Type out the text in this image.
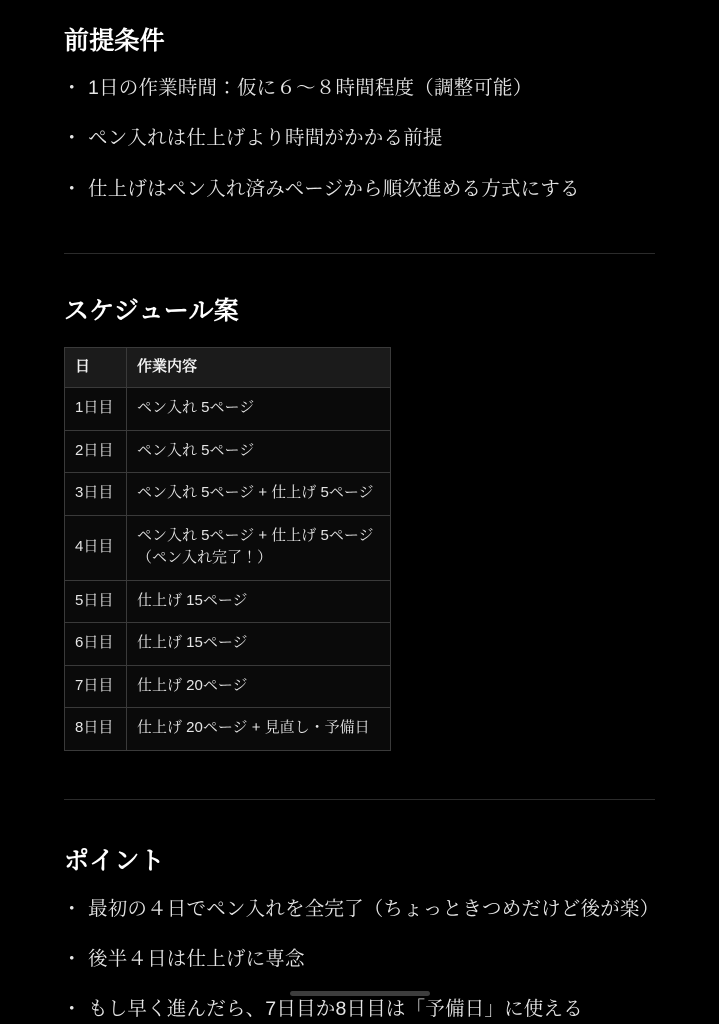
前提条件
・ 1日の作業時間：仮に６〜８時間程度（調整可能）
・ ペン入れは仕上げより時間がかかる前提
・ 仕上げはペン入れ済みページから順次進める方式にする
スケジュール案
日	作業内容
1日目	ペン入れ 5ページ
2日目	ペン入れ 5ページ
3日目	ペン入れ 5ページ + 仕上げ 5ページ
4日目	ペン入れ 5ページ + 仕上げ 5ページ（ペン入れ完了！）
5日目	仕上げ 15ページ
6日目	仕上げ 15ページ
7日目	仕上げ 20ページ
8日目	仕上げ 20ページ + 見直し・予備日
ポイント
・ 最初の４日でペン入れを全完了（ちょっときつめだけど後が楽）
・ 後半４日は仕上げに専念
・ もし早く進んだら、7日目か8日目は「予備日」に使える
